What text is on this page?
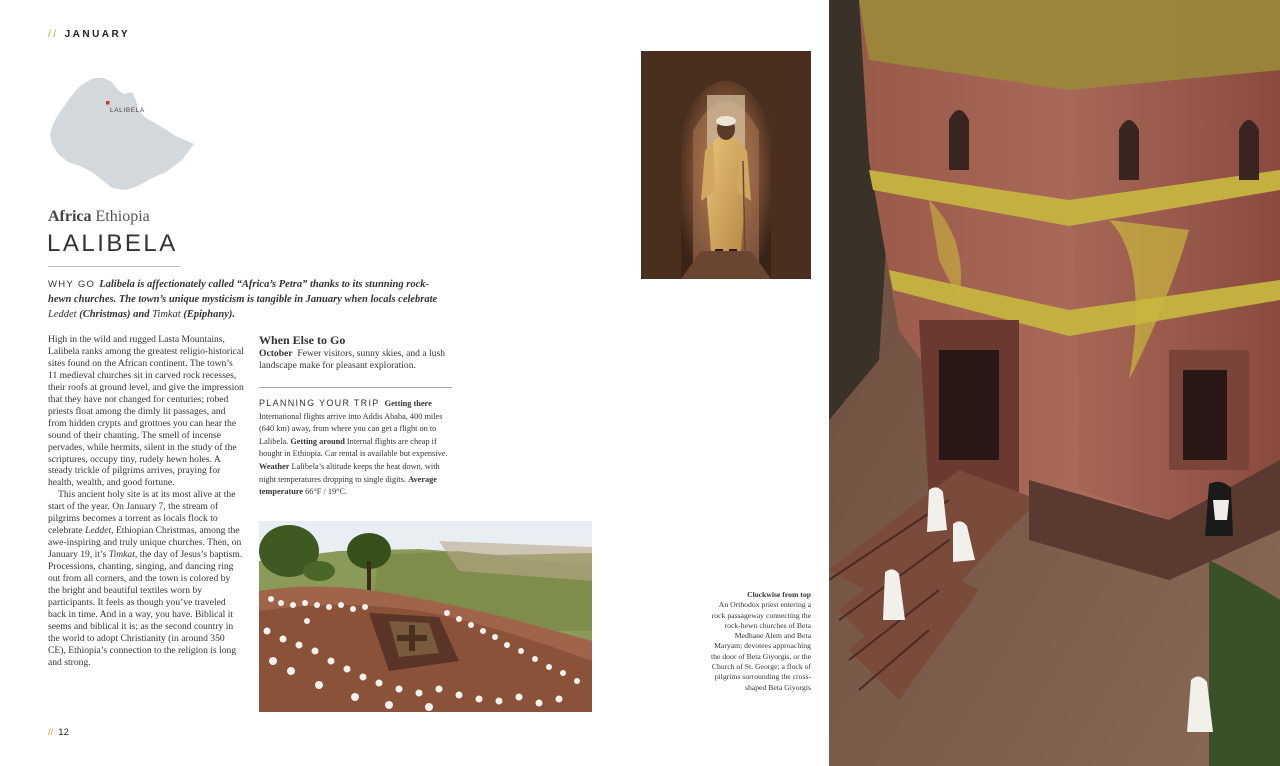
// JANUARY
LALIBELA
Africa Ethiopia
LALIBELA
WHY GO Lalibela is affectionately called “Africa’s Petra” thanks to its stunning rock-hewn churches. The town’s unique mysticism is tangible in January when locals celebrate Leddet (Christmas) and Timkat (Epiphany).

High in the wild and rugged Lasta Mountains, Lalibela ranks among the greatest religio-historical sites found on the African continent. The town’s 11 medieval churches sit in carved rock recesses, their roofs at ground level, and give the impression that they have not changed for centuries; robed priests float among the dimly lit passages, and from hidden crypts and grottoes you can hear the sound of their chanting. The smell of incense pervades, while hermits, silent in the study of the scriptures, occupy tiny, rudely hewn holes. A steady trickle of pilgrims arrives, praying for health, wealth, and good fortune.

This ancient holy site is at its most alive at the start of the year. On January 7, the stream of pilgrims becomes a torrent as locals flock to celebrate Leddet, Ethiopian Christmas, among the awe-inspiring and truly unique churches. Then, on January 19, it’s Timkat, the day of Jesus’s baptism. Processions, chanting, singing, and dancing ring out from all corners, and the town is colored by the bright and beautiful textiles worn by participants. It feels as though you’ve traveled back in time. And in a way, you have. Biblical it seems and biblical it is; as the second country in the world to adopt Christianity (in around 350 CE), Ethiopia’s connection to the religion is long and strong.

When Else to Go
October Fewer visitors, sunny skies, and a lush landscape make for pleasant exploration.
PLANNING YOUR TRIP Getting there International flights arrive into Addis Ababa, 400 miles (640 km) away, from where you can get a flight on to Lalibela. Getting around Internal flights are cheap if bought in Ethiopia. Car rental is available but expensive. Weather Lalibela’s altitude keeps the heat down, with night temperatures dropping to single digits. Average temperature 66°F / 19°C.
Clockwise from top
An Orthodox priest entering a rock passageway connecting the rock-hewn churches of Beta Medhane Alem and Beta Maryam; devotees approaching the door of Beta Giyorgis, or the Church of St. George; a flock of pilgrims surrounding the cross-shaped Beta Giyorgis
// 12
